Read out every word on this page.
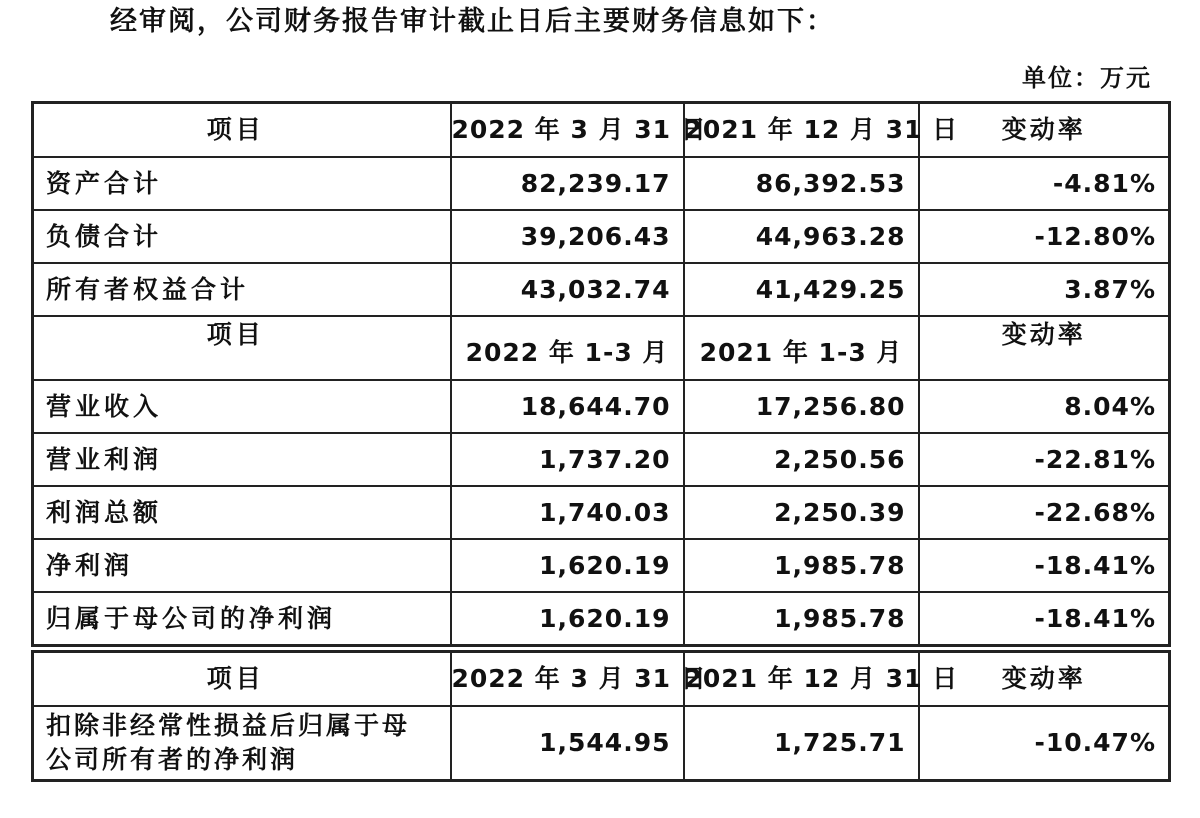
经审阅，公司财务报告审计截止日后主要财务信息如下：
单位：万元
项目	2022 年 3 月 31 日	2021 年 12 月 31 日	变动率
资产合计	82,239.17	86,392.53	-4.81%
负债合计	39,206.43	44,963.28	-12.80%
所有者权益合计	43,032.74	41,429.25	3.87%
项目	2022 年 1-3 月	2021 年 1-3 月	变动率
营业收入	18,644.70	17,256.80	8.04%
营业利润	1,737.20	2,250.56	-22.81%
利润总额	1,740.03	2,250.39	-22.68%
净利润	1,620.19	1,985.78	-18.41%
归属于母公司的净利润	1,620.19	1,985.78	-18.41%
项目	2022 年 3 月 31 日	2021 年 12 月 31 日	变动率
扣除非经常性损益后归属于母公司所有者的净利润	1,544.95	1,725.71	-10.47%
